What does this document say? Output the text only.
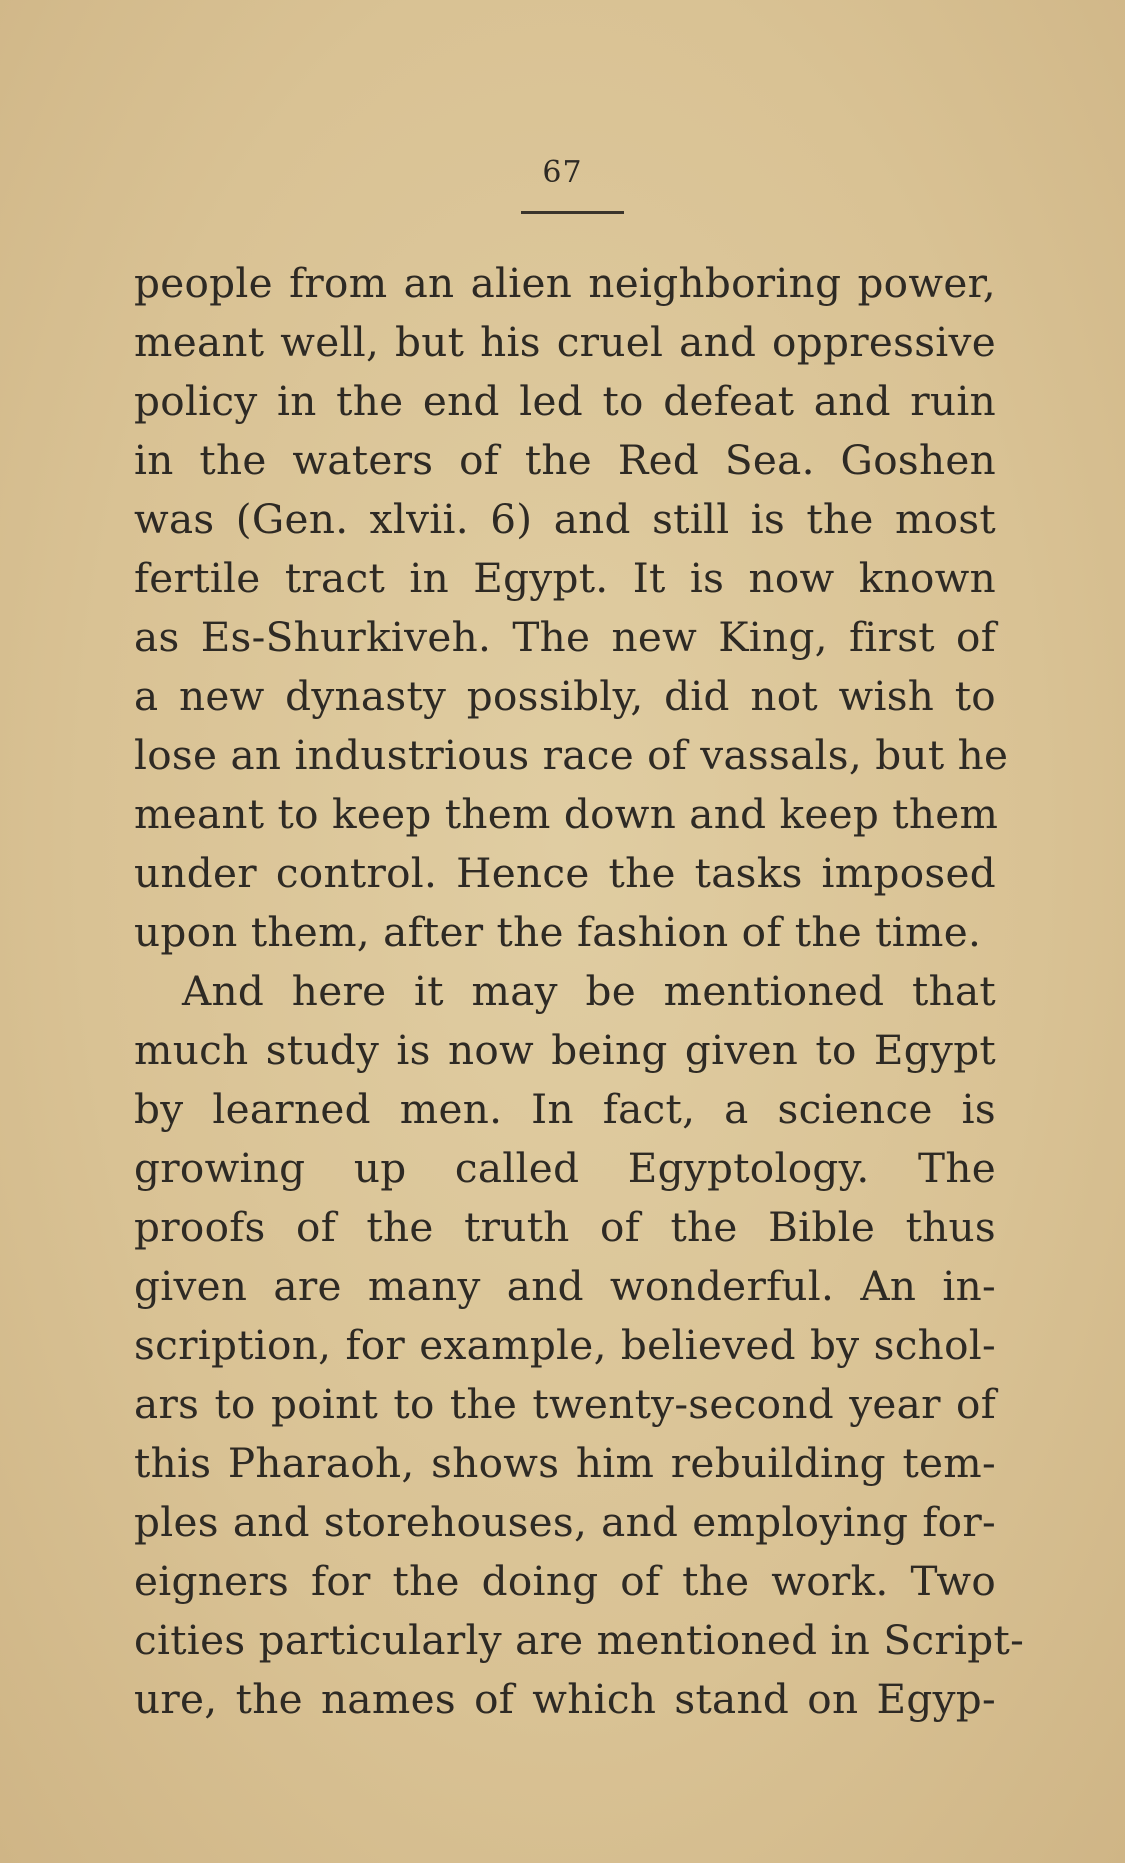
67
people from an alien neighboring power,
meant well, but his cruel and oppressive
policy in the end led to defeat and ruin
in the waters of the Red Sea. Goshen
was (Gen. xlvii. 6) and still is the most
fertile tract in Egypt. It is now known
as Es-Shurkiveh. The new King, first of
a new dynasty possibly, did not wish to
lose an industrious race of vassals, but he
meant to keep them down and keep them
under control. Hence the tasks imposed
upon them, after the fashion of the time.
And here it may be mentioned that
much study is now being given to Egypt
by learned men. In fact, a science is
growing up called Egyptology. The
proofs of the truth of the Bible thus
given are many and wonderful. An in-
scription, for example, believed by schol-
ars to point to the twenty-second year of
this Pharaoh, shows him rebuilding tem-
ples and storehouses, and employing for-
eigners for the doing of the work. Two
cities particularly are mentioned in Script-
ure, the names of which stand on Egyp-
